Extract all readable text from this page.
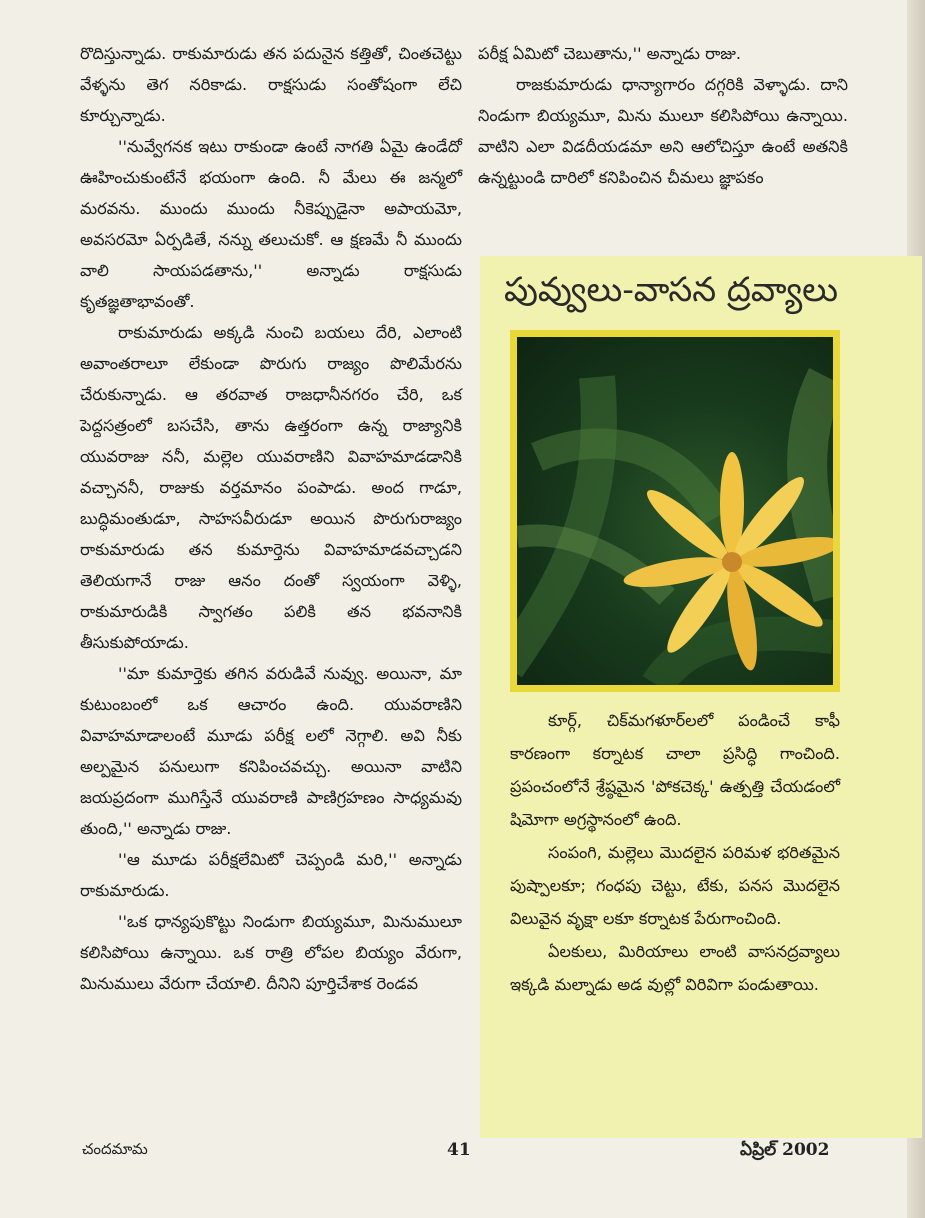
రొదిస్తున్నాడు. రాకుమారుడు తన పదునైన కత్తితో, చింతచెట్టు వేళ్ళను తెగ నరికాడు. రాక్షసుడు సంతోషంగా లేచి కూర్చున్నాడు.

''నువ్వేగనక ఇటు రాకుండా ఉంటే నాగతి ఏమై ఉండేదో ఊహించుకుంటేనే భయంగా ఉంది. నీ మేలు ఈ జన్మలో మరవను. ముందు ముందు నీకెప్పుడైనా అపాయమో, అవసరమో ఏర్పడితే, నన్ను తలుచుకో. ఆ క్షణమే నీ ముందు వాలి సాయపడతాను,'' అన్నాడు రాక్షసుడు కృతజ్ఞతాభావంతో.

రాకుమారుడు అక్కడి నుంచి బయలు దేరి, ఎలాంటి అవాంతరాలూ లేకుండా పొరుగు రాజ్యం పొలిమేరను చేరుకున్నాడు. ఆ తరవాత రాజధానీనగరం చేరి, ఒక పెద్దసత్రంలో బసచేసి, తాను ఉత్తరంగా ఉన్న రాజ్యానికి యువరాజు ననీ, మల్లెల యువరాణిని వివాహమాడడానికి వచ్చాననీ, రాజుకు వర్తమానం పంపాడు. అంద గాడూ, బుద్ధిమంతుడూ, సాహసవీరుడూ అయిన పొరుగురాజ్యం రాకుమారుడు తన కుమార్తెను వివాహమాడవచ్చాడని తెలియగానే రాజు ఆనం దంతో స్వయంగా వెళ్ళి, రాకుమారుడికి స్వాగతం పలికి తన భవనానికి తీసుకుపోయాడు.

''మా కుమార్తెకు తగిన వరుడివే నువ్వు. అయినా, మా కుటుంబంలో ఒక ఆచారం ఉంది. యువరాణిని వివాహమాడాలంటే మూడు పరీక్ష లలో నెగ్గాలి. అవి నీకు అల్పమైన పనులుగా కనిపించవచ్చు. అయినా వాటిని జయప్రదంగా ముగిస్తేనే యువరాణి పాణిగ్రహణం సాధ్యమవు తుంది,'' అన్నాడు రాజు.

''ఆ మూడు పరీక్షలేమిటో చెప్పండి మరి,'' అన్నాడు రాకుమారుడు.

''ఒక ధాన్యపుకొట్టు నిండుగా బియ్యమూ, మినుములూ కలిసిపోయి ఉన్నాయి. ఒక రాత్రి లోపల బియ్యం వేరుగా, మినుములు వేరుగా చేయాలి. దీనిని పూర్తిచేశాక రెండవ

పరీక్ష ఏమిటో చెబుతాను,'' అన్నాడు రాజు.

రాజకుమారుడు ధాన్యాగారం దగ్గరికి వెళ్ళాడు. దాని నిండుగా బియ్యమూ, మిను ములూ కలిసిపోయి ఉన్నాయి. వాటిని ఎలా విడదీయడమా అని ఆలోచిస్తూ ఉంటే అతనికి ఉన్నట్టుండి దారిలో కనిపించిన చీమలు జ్ఞాపకం

పువ్వులు-వాసన ద్రవ్యాలు

కూర్గ్, చిక్‌మగళూర్‌లలో పండించే కాఫీ కారణంగా కర్నాటక చాలా ప్రసిద్ధి గాంచింది. ప్రపంచంలోనే శ్రేష్ఠమైన 'పోకచెక్క' ఉత్పత్తి చేయడంలో షిమోగా అగ్రస్థానంలో ఉంది.

సంపంగి, మల్లెలు మొదలైన పరిమళ భరితమైన పుష్పాలకూ; గంధపు చెట్టు, టేకు, పనస మొదలైన విలువైన వృక్షా లకూ కర్నాటక పేరుగాంచింది.

ఏలకులు, మిరియాలు లాంటి వాసనద్రవ్యాలు ఇక్కడి మల్నాడు అడ వుల్లో విరివిగా పండుతాయి.

చందమామ	41	ఏప్రిల్ 2002
